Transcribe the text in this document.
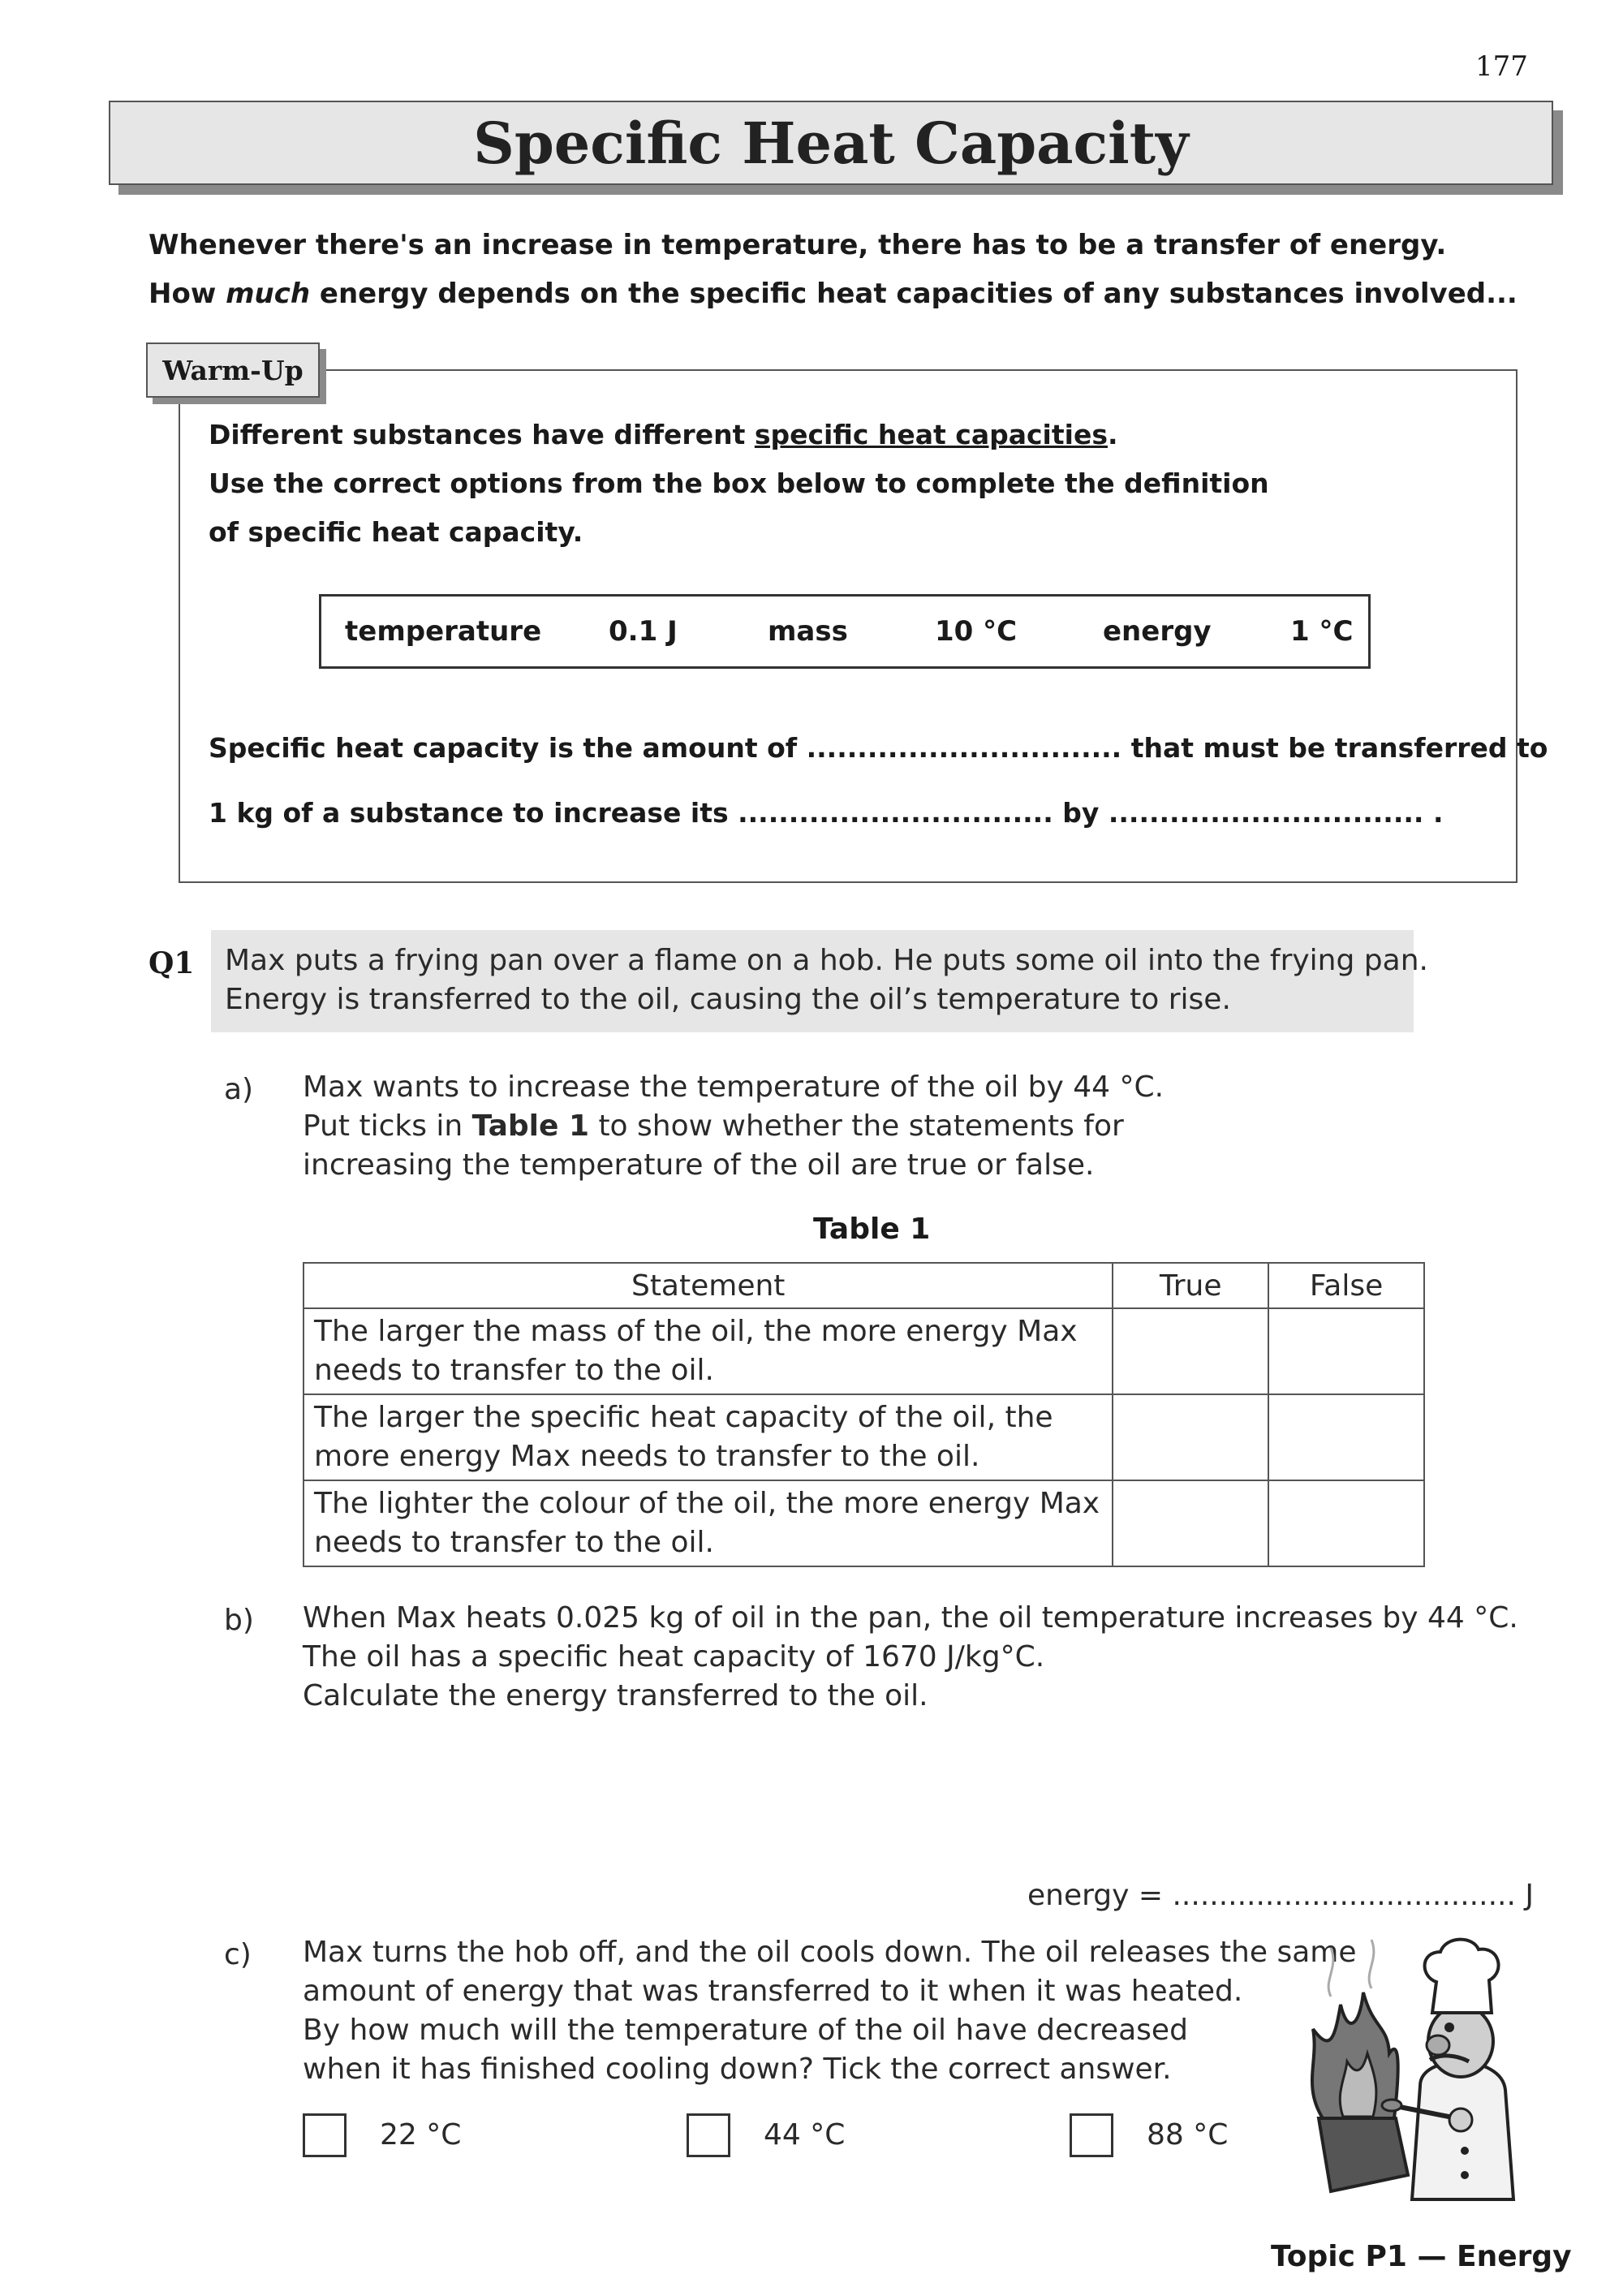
177
Specific Heat Capacity
Whenever there's an increase in temperature, there has to be a transfer of energy.
How much energy depends on the specific heat capacities of any substances involved...
Warm-Up
Different substances have different specific heat capacities.
Use the correct options from the box below to complete the definition
of specific heat capacity.
temperature 0.1 J	mass	10 °C	energy	1 °C
Specific heat capacity is the amount of ............................... that must be transferred to
1 kg of a substance to increase its ............................... by ............................... .
Q1 Max puts a frying pan over a flame on a hob. He puts some oil into the frying pan.
Energy is transferred to the oil, causing the oil’s temperature to rise.
a) Max wants to increase the temperature of the oil by 44 °C.
Put ticks in Table 1 to show whether the statements for
increasing the temperature of the oil are true or false.
Table 1
Statement	True	False

The larger the mass of the oil, the more energy Max
needs to transfer to the oil.		

The larger the specific heat capacity of the oil, the
more energy Max needs to transfer to the oil.		

The lighter the colour of the oil, the more energy Max
needs to transfer to the oil.		

b) When Max heats 0.025 kg of oil in the pan, the oil temperature increases by 44 °C.
The oil has a specific heat capacity of 1670 J/kg°C.
Calculate the energy transferred to the oil.
energy = ..................................... J
c) Max turns the hob off, and the oil cools down. The oil releases the same
amount of energy that was transferred to it when it was heated.
By how much will the temperature of the oil have decreased
when it has finished cooling down? Tick the correct answer.
22 °C	44 °C	88 °C
Topic P1 — Energy
